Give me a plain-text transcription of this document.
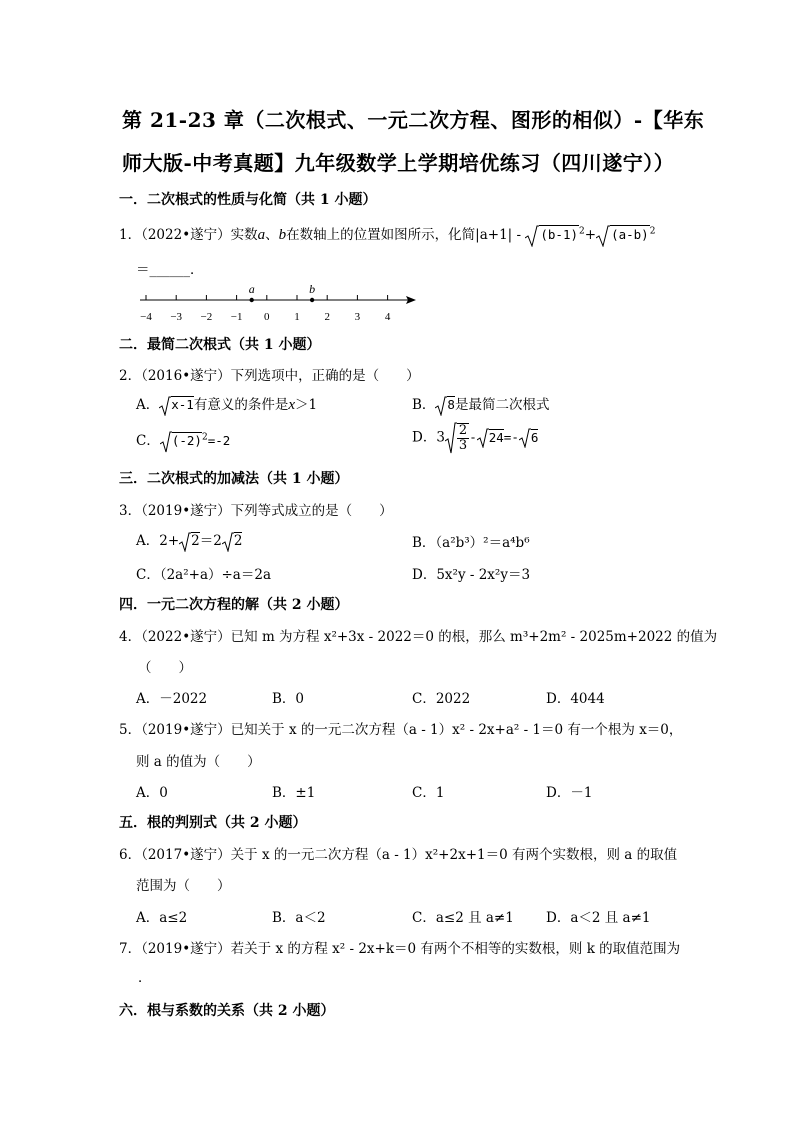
第 21-23 章（二次根式、一元二次方程、图形的相似）-【华东
师大版-中考真题】九年级数学上学期培优练习（四川遂宁））
一．二次根式的性质与化简（共 1 小题）
1．（2022•遂宁）实数a、b在数轴上的位置如图所示，化简$|a+1| - (b-1)^2+ (a-b)^2$
＝______．
−4 −3 −2 −1 0 1 2 3 4
a	b
二．最简二次根式（共 1 小题）
2．（2016•遂宁）下列选项中，正确的是（　　）
A． x-1有意义的条件是x＞1	B． 8是最简二次根式
C． $(-2)^2=-2$	D．$3 \frac{2}{3} - 24=-$ 6
三．二次根式的加减法（共 1 小题）
3．（2019•遂宁）下列等式成立的是（　　）
A．2+ 2＝2 2	B．（a²b³）²＝a⁴b⁶
C．（2a²+a）÷a＝2a	D．5x²y - 2x²y＝3
四．一元二次方程的解（共 2 小题）
4．（2022•遂宁）已知 m 为方程 x²+3x - 2022＝0 的根，那么 m³+2m² - 2025m+2022 的值为
（　　）
A．－2022	B．0	C．2022	D．4044
5．（2019•遂宁）已知关于 x 的一元二次方程（a - 1）x² - 2x+a² - 1＝0 有一个根为 x＝0，
则 a 的值为（　　）
A．0	B．±1	C．1	D．－1
五．根的判别式（共 2 小题）
6．（2017•遂宁）关于 x 的一元二次方程（a - 1）x²+2x+1＝0 有两个实数根，则 a 的取值
范围为（　　）
A．a≤2	B．a＜2	C．a≤2 且 a≠1 D．a＜2 且 a≠1
7．（2019•遂宁）若关于 x 的方程 x² - 2x+k＝0 有两个不相等的实数根，则 k 的取值范围为
．
六．根与系数的关系（共 2 小题）
